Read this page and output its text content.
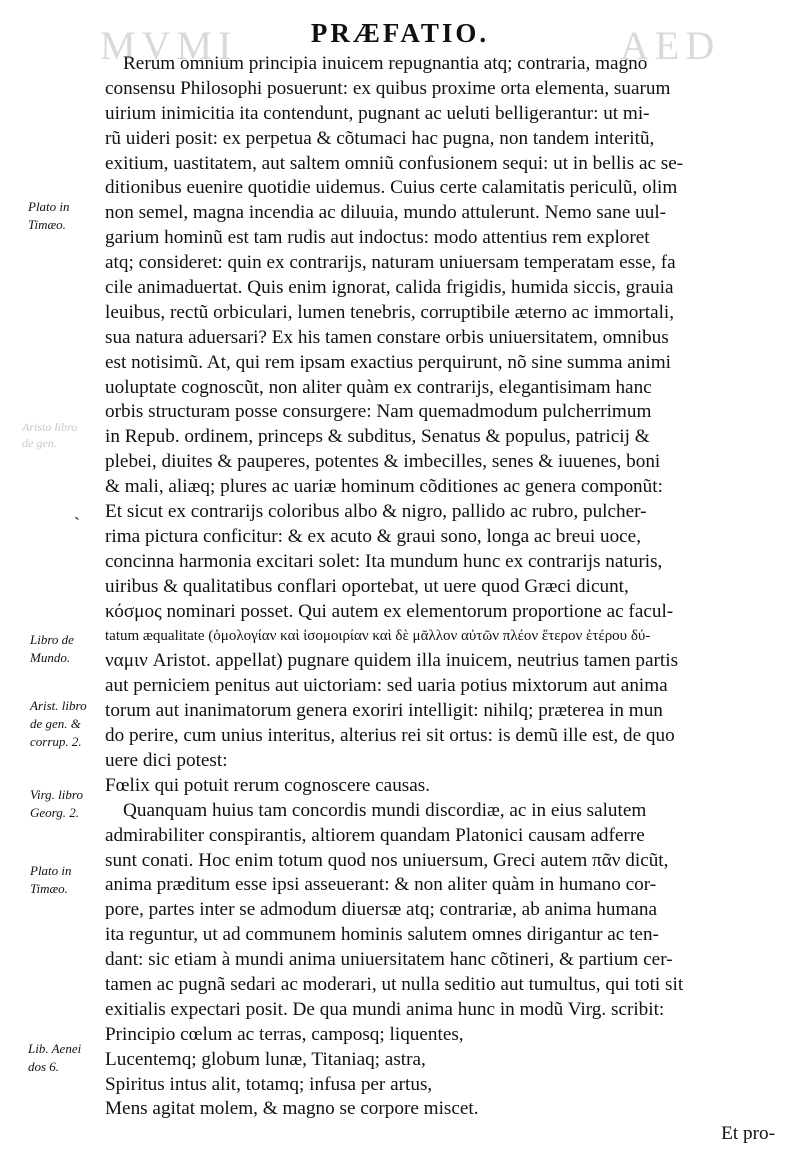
MVMI	AED
PRÆFATIO.
Aristo libro
de gen.
ˏ
Plato in
Timæo.
Libro de
Mundo.
Arist. libro
de gen. &
corrup. 2.
Virg. libro
Georg. 2.
Plato in
Timæo.
Lib. Aenei
dos 6.
Rerum omnium principia inuicem repugnantia atq; contraria, magno
consensu Philosophi posuerunt: ex quibus proxime orta elementa, suarum
uirium inimicitia ita contendunt, pugnant ac ueluti belligerantur: ut mi-
rũ uideri posit: ex perpetua & cõtumaci hac pugna, non tandem interitũ,
exitium, uastitatem, aut saltem omniũ confusionem sequi: ut in bellis ac se-
ditionibus euenire quotidie uidemus. Cuius certe calamitatis periculũ, olim
non semel, magna incendia ac diluuia, mundo attulerunt. Nemo sane uul-
garium hominũ est tam rudis aut indoctus: modo attentius rem exploret
atq; consideret: quin ex contrarijs, naturam uniuersam temperatam esse, fa
cile animaduertat. Quis enim ignorat, calida frigidis, humida siccis, grauia
leuibus, rectũ orbiculari, lumen tenebris, corruptibile æterno ac immortali,
sua natura aduersari? Ex his tamen constare orbis uniuersitatem, omnibus
est notisimũ. At, qui rem ipsam exactius perquirunt, nõ sine summa animi
uoluptate cognoscũt, non aliter quàm ex contrarijs, elegantisimam hanc
orbis structuram posse consurgere: Nam quemadmodum pulcherrimum
in Repub. ordinem, princeps & subditus, Senatus & populus, patricij &
plebei, diuites & pauperes, potentes & imbecilles, senes & iuuenes, boni
& mali, aliæq; plures ac uariæ hominum cõditiones ac genera componũt:
Et sicut ex contrarijs coloribus albo & nigro, pallido ac rubro, pulcher-
rima pictura conficitur: & ex acuto & graui sono, longa ac breui uoce,
concinna harmonia excitari solet: Ita mundum hunc ex contrarijs naturis,
uiribus & qualitatibus conflari oportebat, ut uere quod Græci dicunt,
κόσμος nominari posset. Qui autem ex elementorum proportione ac facul-
tatum æqualitate (ὁμολογίαν καὶ ἰσομοιρίαν καὶ δὲ μᾶλλον αὐτῶν πλέον ἕτερον ἑτέρου δύ-
ναμιν Aristot. appellat) pugnare quidem illa inuicem, neutrius tamen partis
aut perniciem penitus aut uictoriam: sed uaria potius mixtorum aut anima
torum aut inanimatorum genera exoriri intelligit: nihilq; præterea in mun
do perire, cum unius interitus, alterius rei sit ortus: is demũ ille est, de quo
uere dici potest:
Fœlix qui potuit rerum cognoscere causas.
Quanquam huius tam concordis mundi discordiæ, ac in eius salutem
admirabiliter conspirantis, altiorem quandam Platonici causam adferre
sunt conati. Hoc enim totum quod nos uniuersum, Greci autem πᾶν dicũt,
anima præditum esse ipsi asseuerant: & non aliter quàm in humano cor-
pore, partes inter se admodum diuersæ atq; contrariæ, ab anima humana
ita reguntur, ut ad communem hominis salutem omnes dirigantur ac ten-
dant: sic etiam à mundi anima uniuersitatem hanc cõtineri, & partium cer-
tamen ac pugnã sedari ac moderari, ut nulla seditio aut tumultus, qui toti sit
exitialis expectari posit. De qua mundi anima hunc in modũ Virg. scribit:
Principio cœlum ac terras, camposq; liquentes,
Lucentemq; globum lunæ, Titaniaq; astra,
Spiritus intus alit, totamq; infusa per artus,
Mens agitat molem, & magno se corpore miscet.
Et pro-
